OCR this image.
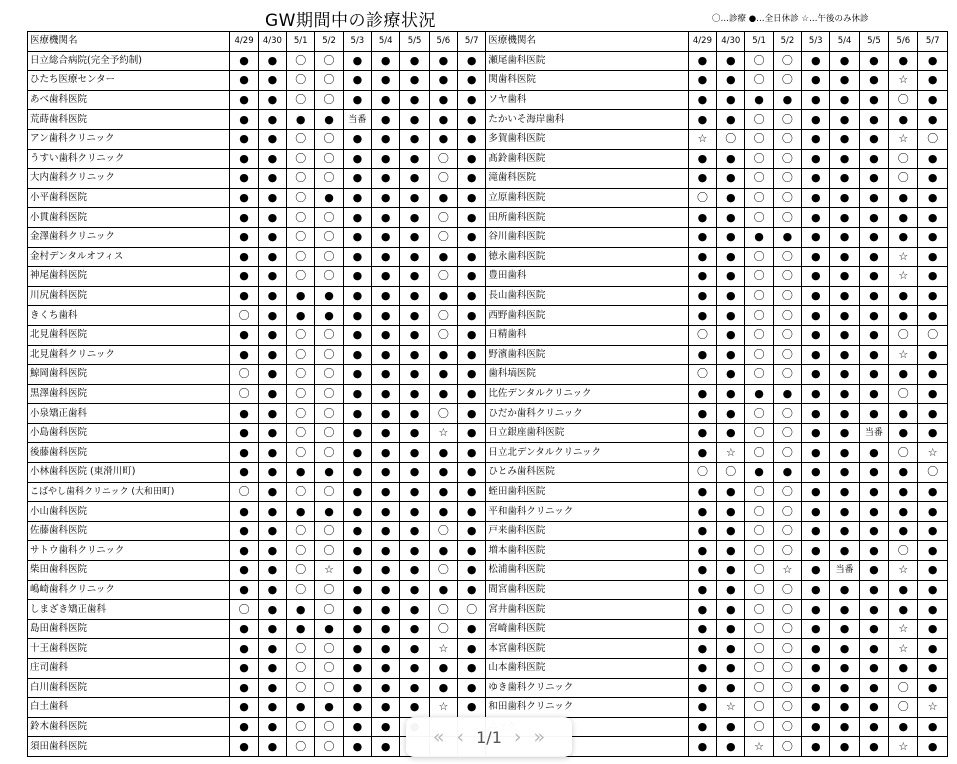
GW期間中の診療状況	〇…診療 ●…全日休診 ☆…午後のみ休診
医療機関名	4/29	4/30	5/1	5/2	5/3	5/4	5/5	5/6	5/7	医療機関名	4/29	4/30	5/1	5/2	5/3	5/4	5/5	5/6	5/7
日立総合病院(完全予約制)	●	●	〇	〇	●	●	●	●	●	瀬尾歯科医院	●	●	〇	〇	●	●	●	●	●
ひたち医療センター	●	●	〇	〇	●	●	●	●	●	関歯科医院	●	●	〇	〇	●	●	●	☆	●
あべ歯科医院	●	●	〇	〇	●	●	●	●	●	ソヤ歯科	●	●	●	●	●	●	●	〇	●
荒蒔歯科医院	●	●	●	●	当番	●	●	●	●	たかいそ海岸歯科	●	●	〇	〇	●	●	●	●	●
アン歯科クリニック	●	●	〇	〇	●	●	●	●	●	多賀歯科医院	☆	〇	〇	〇	●	●	●	☆	〇
うすい歯科クリニック	●	●	〇	〇	●	●	●	〇	●	髙鈴歯科医院	●	●	〇	〇	●	●	●	〇	●
大内歯科クリニック	●	●	〇	〇	●	●	●	〇	●	滝歯科医院	●	●	〇	〇	●	●	●	〇	●
小平歯科医院	●	●	〇	●	●	●	●	●	●	立原歯科医院	〇	●	〇	〇	●	●	●	●	●
小貫歯科医院	●	●	〇	〇	●	●	●	〇	●	田所歯科医院	●	●	〇	〇	●	●	●	●	●
金澤歯科クリニック	●	●	〇	〇	●	●	●	〇	●	谷川歯科医院	●	●	●	●	●	●	●	●	●
金村デンタルオフィス	●	●	〇	〇	●	●	●	●	●	徳永歯科医院	●	●	〇	〇	●	●	●	☆	●
神尾歯科医院	●	●	〇	〇	●	●	●	〇	●	豊田歯科	●	●	〇	〇	●	●	●	☆	●
川尻歯科医院	●	●	●	●	●	●	●	●	●	長山歯科医院	●	●	〇	〇	●	●	●	●	●
きくち歯科	〇	●	●	●	●	●	●	〇	●	西野歯科医院	●	●	〇	〇	●	●	●	●	●
北見歯科医院	●	●	〇	〇	●	●	●	〇	●	日精歯科	〇	●	〇	〇	●	●	●	〇	〇
北見歯科クリニック	●	●	〇	〇	●	●	●	●	●	野濱歯科医院	●	●	〇	〇	●	●	●	☆	●
鯨岡歯科医院	〇	●	〇	〇	●	●	●	●	●	歯科塙医院	〇	●	〇	〇	●	●	●	●	●
黒澤歯科医院	〇	●	〇	〇	●	●	●	●	●	比佐デンタルクリニック	●	●	●	●	●	●	●	〇	●
小泉矯正歯科	●	●	〇	〇	●	●	●	〇	●	ひだか歯科クリニック	●	●	〇	〇	●	●	●	●	●
小島歯科医院	●	●	〇	〇	●	●	●	☆	●	日立銀座歯科医院	●	●	〇	〇	●	●	当番	●	●
後藤歯科医院	●	●	〇	〇	●	●	●	●	●	日立北デンタルクリニック	●	☆	〇	〇	●	●	●	〇	☆
小林歯科医院 (東滑川町)	●	●	●	●	●	●	●	●	●	ひとみ歯科医院	〇	〇	●	●	●	●	●	●	〇
こばやし歯科クリニック (大和田町)	〇	●	〇	〇	●	●	●	●	●	蛭田歯科医院	●	●	〇	〇	●	●	●	●	●
小山歯科医院	●	●	●	●	●	●	●	●	●	平和歯科クリニック	●	●	〇	〇	●	●	●	●	●
佐藤歯科医院	●	●	〇	〇	●	●	●	〇	●	戸来歯科医院	●	●	〇	〇	●	●	●	●	●
サトウ歯科クリニック	●	●	〇	〇	●	●	●	●	●	増本歯科医院	●	●	〇	〇	●	●	●	〇	●
柴田歯科医院	●	●	〇	☆	●	●	●	〇	●	松浦歯科医院	●	●	〇	☆	●	当番	●	☆	●
嶋崎歯科クリニック	●	●	〇	〇	●	●	●	●	●	間宮歯科医院	●	●	〇	〇	●	●	●	●	●
しまざき矯正歯科	〇	●	●	〇	●	●	●	〇	〇	宮井歯科医院	●	●	〇	〇	●	●	●	●	●
島田歯科医院	●	●	●	●	●	●	●	〇	●	宮崎歯科医院	●	●	〇	〇	●	●	●	☆	●
十王歯科医院	●	●	〇	〇	●	●	●	☆	●	本宮歯科医院	●	●	〇	〇	●	●	●	☆	●
庄司歯科	●	●	〇	〇	●	●	●	●	●	山本歯科医院	●	●	〇	〇	●	●	●	●	●
白川歯科医院	●	●	〇	〇	●	●	●	●	●	ゆき歯科クリニック	●	●	〇	〇	●	●	●	〇	●
白土歯科	●	●	●	●	●	●	●	☆	●	和田歯科クリニック	●	☆	〇	〇	●	●	●	〇	☆
鈴木歯科医院	●	●	〇	〇	●	●					●	●	〇	〇	●	●	●	●	●
須田歯科医院	●	●	〇	〇	●	●					●	●	☆	〇	●	●	●	☆	●
« ‹ 1/1 › »
